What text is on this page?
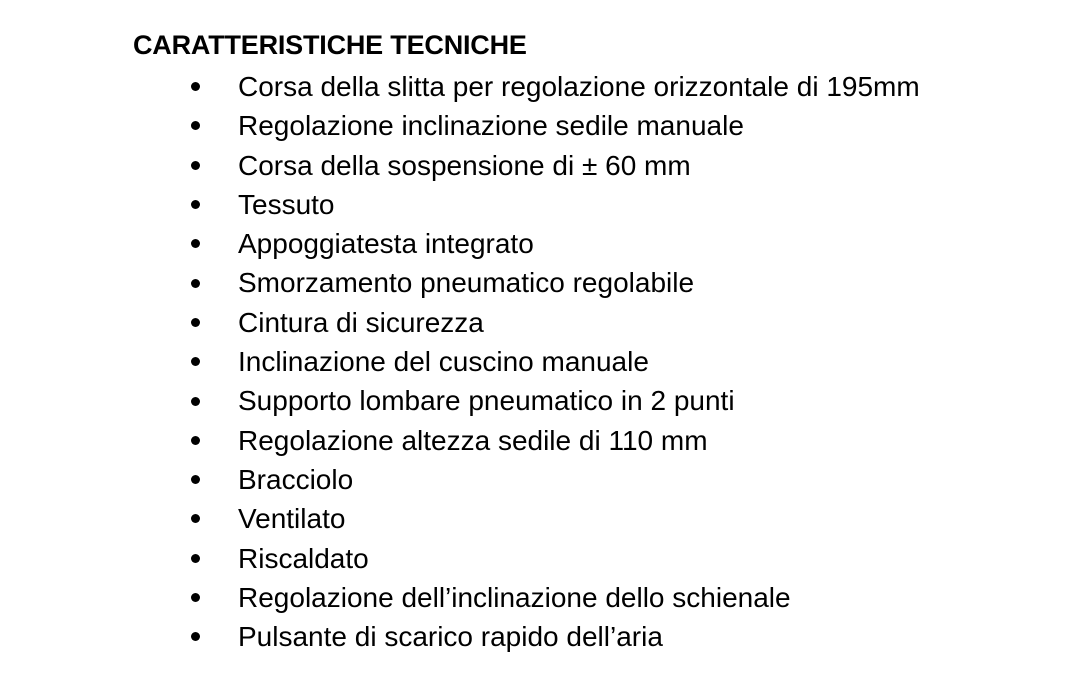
CARATTERISTICHE TECNICHE
Corsa della slitta per regolazione orizzontale di 195mm
Regolazione inclinazione sedile manuale
Corsa della sospensione di ± 60 mm
Tessuto
Appoggiatesta integrato
Smorzamento pneumatico regolabile
Cintura di sicurezza
Inclinazione del cuscino manuale
Supporto lombare pneumatico in 2 punti
Regolazione altezza sedile di 110 mm
Bracciolo
Ventilato
Riscaldato
Regolazione dell’inclinazione dello schienale
Pulsante di scarico rapido dell’aria
